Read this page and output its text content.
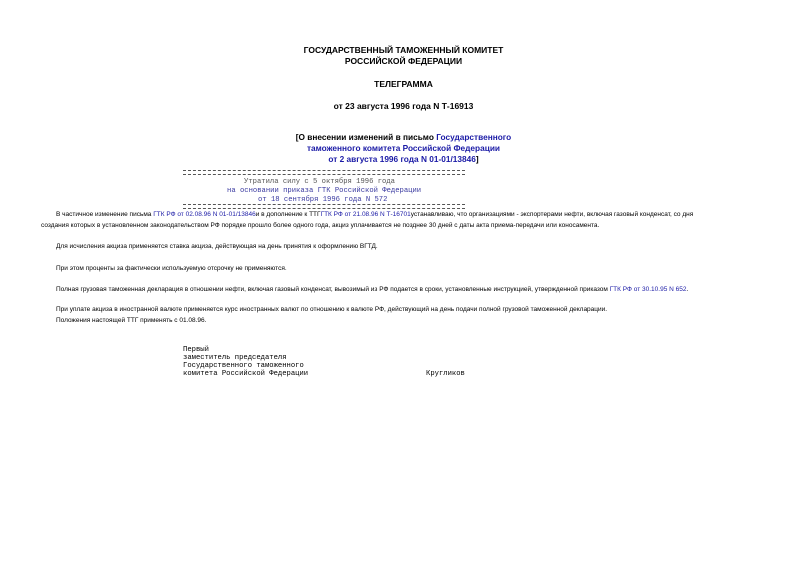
ГОСУДАРСТВЕННЫЙ ТАМОЖЕННЫЙ КОМИТЕТ
РОССИЙСКОЙ ФЕДЕРАЦИИ
ТЕЛЕГРАММА
от 23 августа 1996 года N Т-16913
[О внесении изменений в письмо Государственного
таможенного комитета Российской Федерации
от 2 августа 1996 года N 01-01/13846]
Утратила силу с 5 октября 1996 года
на основании приказа ГТК Российской Федерации
от 18 сентября 1996 года N 572
В частичное изменение письма ГТК РФ от 02.08.96 N 01-01/13846и в дополнение к ТТГГТК РФ от 21.08.96 N Т-16701устанавливаю, что организациями - экспортерами нефти, включая газовый конденсат, со дня
создания которых в установленном законодательством РФ порядке прошло более одного года, акциз уплачивается не позднее 30 дней с даты акта приема-передачи или коносамента.
Для исчисления акциза применяется ставка акциза, действующая на день принятия к оформлению ВГТД.
При этом проценты за фактически используемую отсрочку не применяются.
Полная грузовая таможенная декларация в отношении нефти, включая газовый конденсат, вывозимый из РФ подается в сроки, установленные инструкцией, утвержденной приказом ГТК РФ от 30.10.95 N 652.
При уплате акциза в иностранной валюте применяется курс иностранных валют по отношению к валюте РФ, действующий на день подачи полной грузовой таможенной декларации.
Положения настоящей ТТГ применять с 01.08.96.
Первый
заместитель председателя
Государственного таможенного
комитета Российской Федерации	Кругликов
